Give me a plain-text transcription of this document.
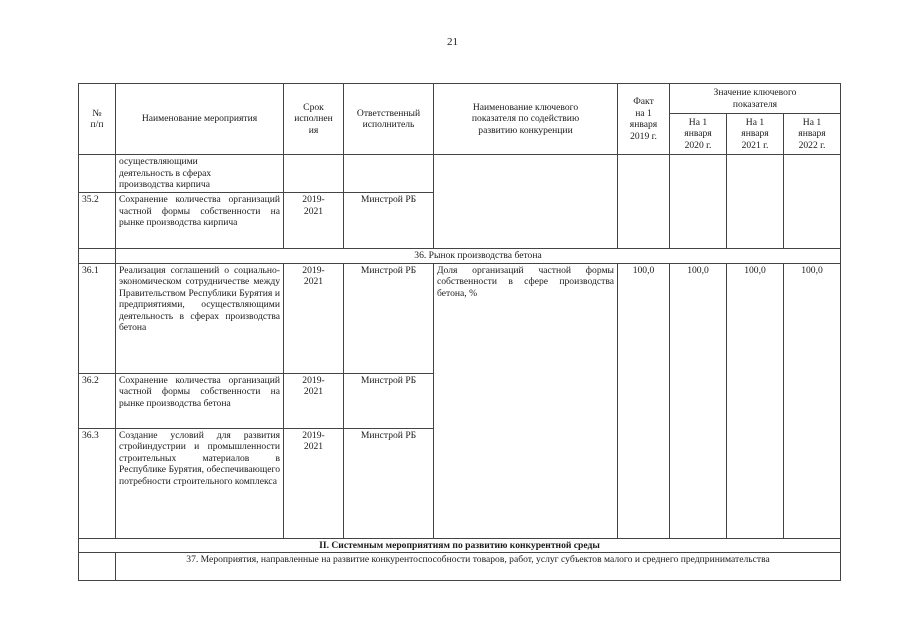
21
№
п/п	Наименование мероприятия	Срок
исполнен
ия	Ответственный
исполнитель	Наименование ключевого
показателя по содействию
развитию конкуренции	Факт
на 1
января
2019 г.	Значение ключевого
показателя		
						На 1
января
2020 г.	На 1
января
2021 г.	На 1
января
2022 г.
	осуществляющими
деятельность в сферах
производства кирпича							
35.2	Сохранение количества организаций частной формы собственности на рынке производства кирпича	2019-
2021	Минстрой РБ					
	36. Рынок производства бетона							
36.1	Реализация соглашений о социально-экономическом сотрудничестве между Правительством Республики Бурятия и предприятиями, осуществляющими деятельность в сферах производства бетона	2019-
2021	Минстрой РБ	Доля организаций частной формы собственности в сфере производства бетона, %	100,0	100,0	100,0	100,0
36.2	Сохранение количества организаций частной формы собственности на рынке производства бетона	2019-
2021	Минстрой РБ					
36.3	Создание условий для развития стройиндустрии и промышленности строительных материалов в Республике Бурятия, обеспечивающего потребности строительного комплекса	2019-
2021	Минстрой РБ					
II. Системным мероприятиям по развитию конкурентной среды								
	37. Мероприятия, направленные на развитие конкурентоспособности товаров, работ, услуг субъектов малого и среднего предпринимательства							
